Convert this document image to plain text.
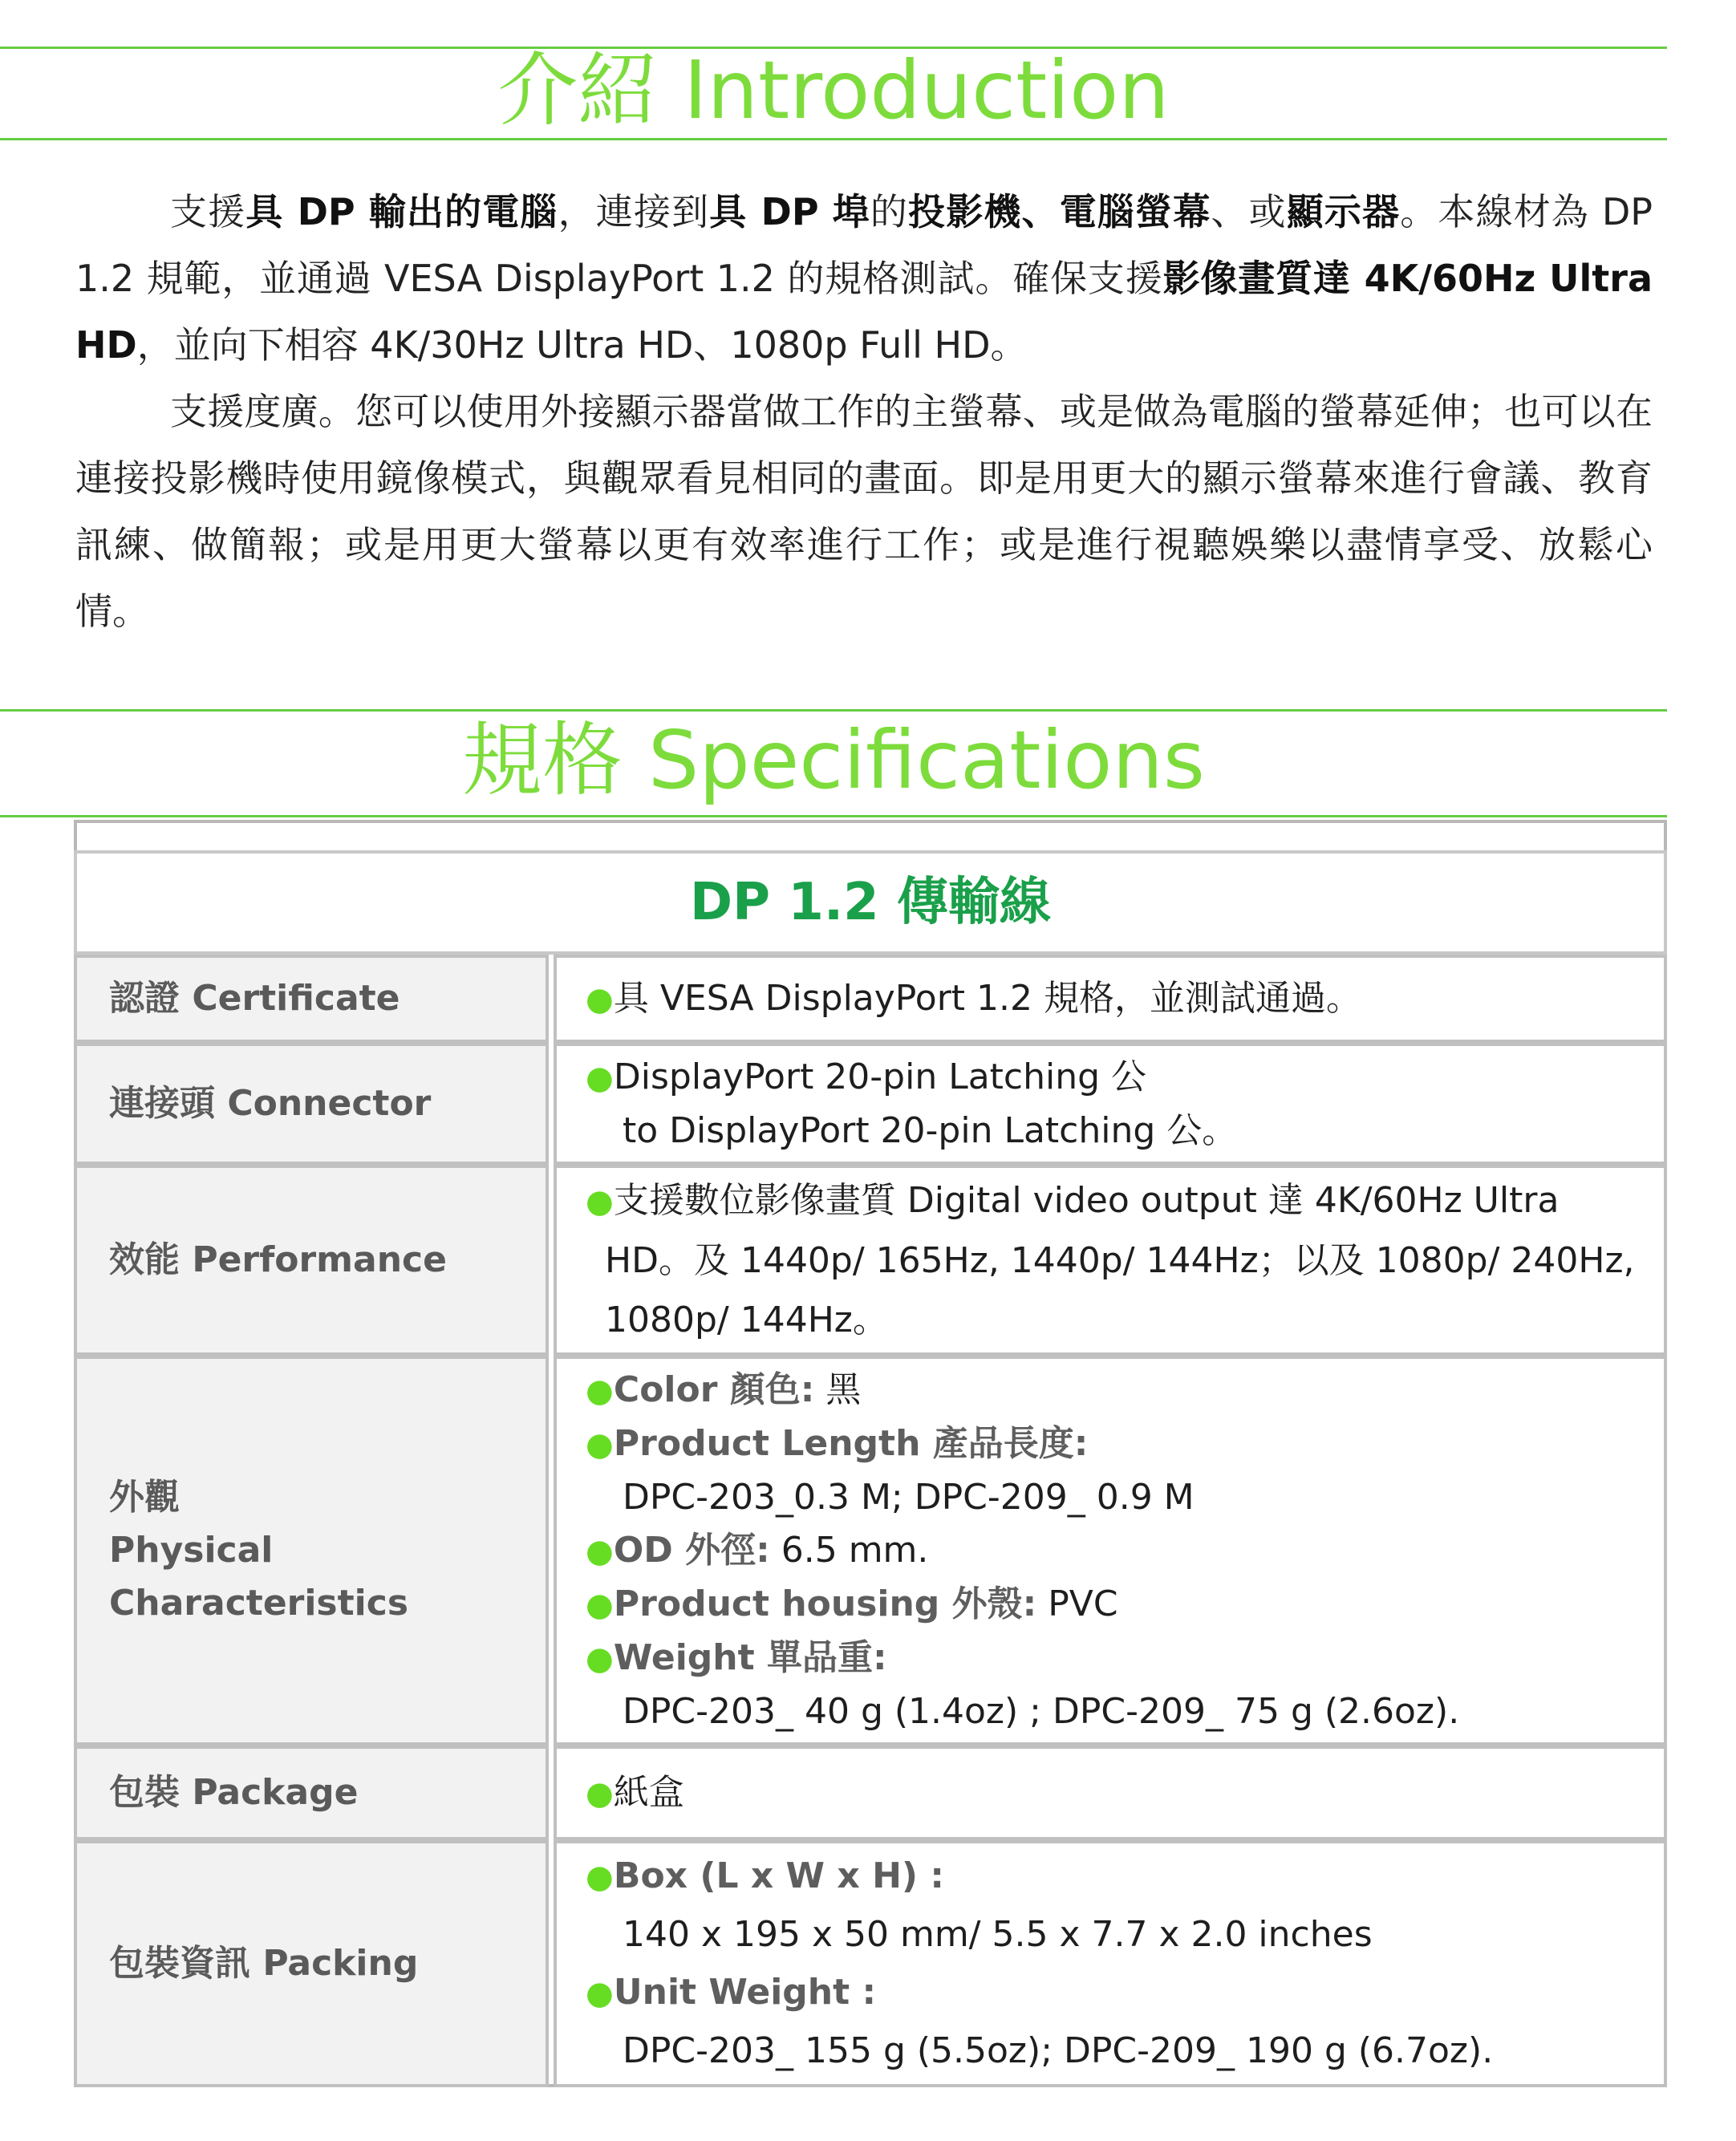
介紹 Introduction

支援具 DP 輸出的電腦，連接到具 DP 埠的投影機、電腦螢幕、或顯示器。本線材為 DP 1.2 規範，並通過 VESA DisplayPort 1.2 的規格測試。確保支援影像畫質達 4K/60Hz Ultra HD，並向下相容 4K/30Hz Ultra HD、1080p Full HD。

支援度廣。您可以使用外接顯示器當做工作的主螢幕、或是做為電腦的螢幕延伸；也可以在連接投影機時使用鏡像模式，與觀眾看見相同的畫面。即是用更大的顯示螢幕來進行會議、教育訊練、做簡報；或是用更大螢幕以更有效率進行工作；或是進行視聽娛樂以盡情享受、放鬆心情。

規格 Specifications
DP 1.2 傳輸線
認證 Certificate	●具 VESA DisplayPort 1.2 規格，並測試通過。
連接頭 Connector
●DisplayPort 20-pin Latching 公
to DisplayPort 20-pin Latching 公。
效能 Performance
●支援數位影像畫質 Digital video output 達 4K/60Hz Ultra
HD。及 1440p/ 165Hz, 1440p/ 144Hz；以及 1080p/ 240Hz,
1080p/ 144Hz。
外觀
Physical Characteristics
●Color 顏色: 黑
●Product Length 產品長度:
DPC-203_0.3 M; DPC-209_ 0.9 M
●OD 外徑: 6.5 mm.
●Product housing 外殼: PVC
●Weight 單品重:
DPC-203_ 40 g (1.4oz) ; DPC-209_ 75 g (2.6oz).
包裝 Package	●紙盒
包裝資訊 Packing
●Box (L x W x H) :
140 x 195 x 50 mm/ 5.5 x 7.7 x 2.0 inches
●Unit Weight :
DPC-203_ 155 g (5.5oz); DPC-209_ 190 g (6.7oz).
